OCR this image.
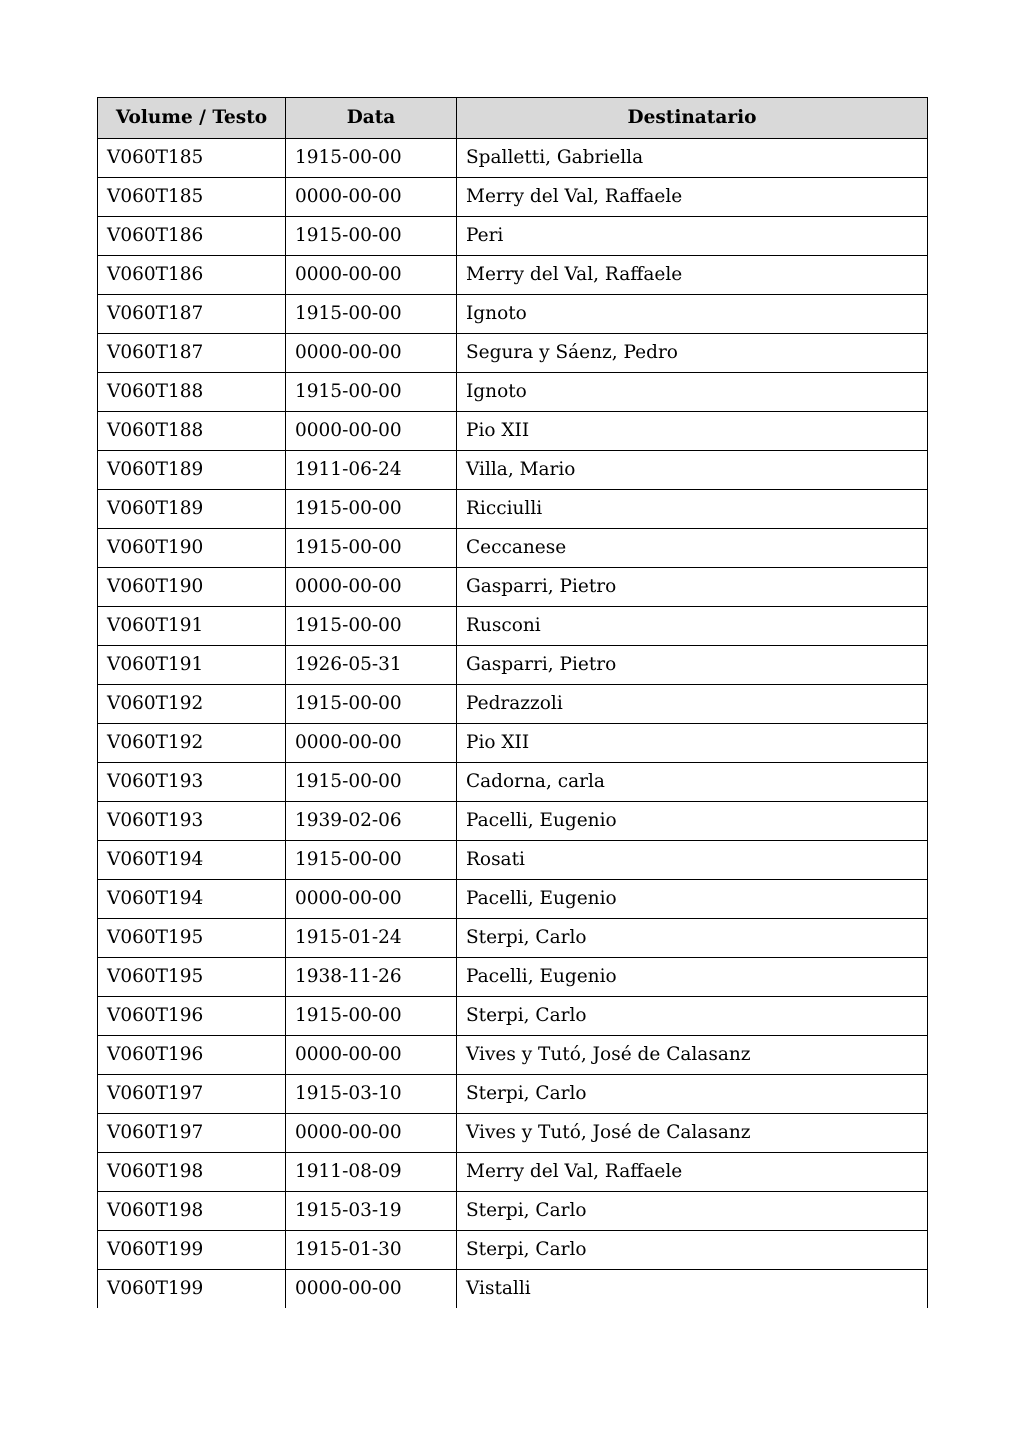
Volume / Testo	Data	Destinatario
V060T185	1915-00-00	Spalletti, Gabriella
V060T185	0000-00-00	Merry del Val, Raffaele
V060T186	1915-00-00	Peri
V060T186	0000-00-00	Merry del Val, Raffaele
V060T187	1915-00-00	Ignoto
V060T187	0000-00-00	Segura y Sáenz, Pedro
V060T188	1915-00-00	Ignoto
V060T188	0000-00-00	Pio XII
V060T189	1911-06-24	Villa, Mario
V060T189	1915-00-00	Ricciulli
V060T190	1915-00-00	Ceccanese
V060T190	0000-00-00	Gasparri, Pietro
V060T191	1915-00-00	Rusconi
V060T191	1926-05-31	Gasparri, Pietro
V060T192	1915-00-00	Pedrazzoli
V060T192	0000-00-00	Pio XII
V060T193	1915-00-00	Cadorna, carla
V060T193	1939-02-06	Pacelli, Eugenio
V060T194	1915-00-00	Rosati
V060T194	0000-00-00	Pacelli, Eugenio
V060T195	1915-01-24	Sterpi, Carlo
V060T195	1938-11-26	Pacelli, Eugenio
V060T196	1915-00-00	Sterpi, Carlo
V060T196	0000-00-00	Vives y Tutó, José de Calasanz
V060T197	1915-03-10	Sterpi, Carlo
V060T197	0000-00-00	Vives y Tutó, José de Calasanz
V060T198	1911-08-09	Merry del Val, Raffaele
V060T198	1915-03-19	Sterpi, Carlo
V060T199	1915-01-30	Sterpi, Carlo
V060T199	0000-00-00	Vistalli
